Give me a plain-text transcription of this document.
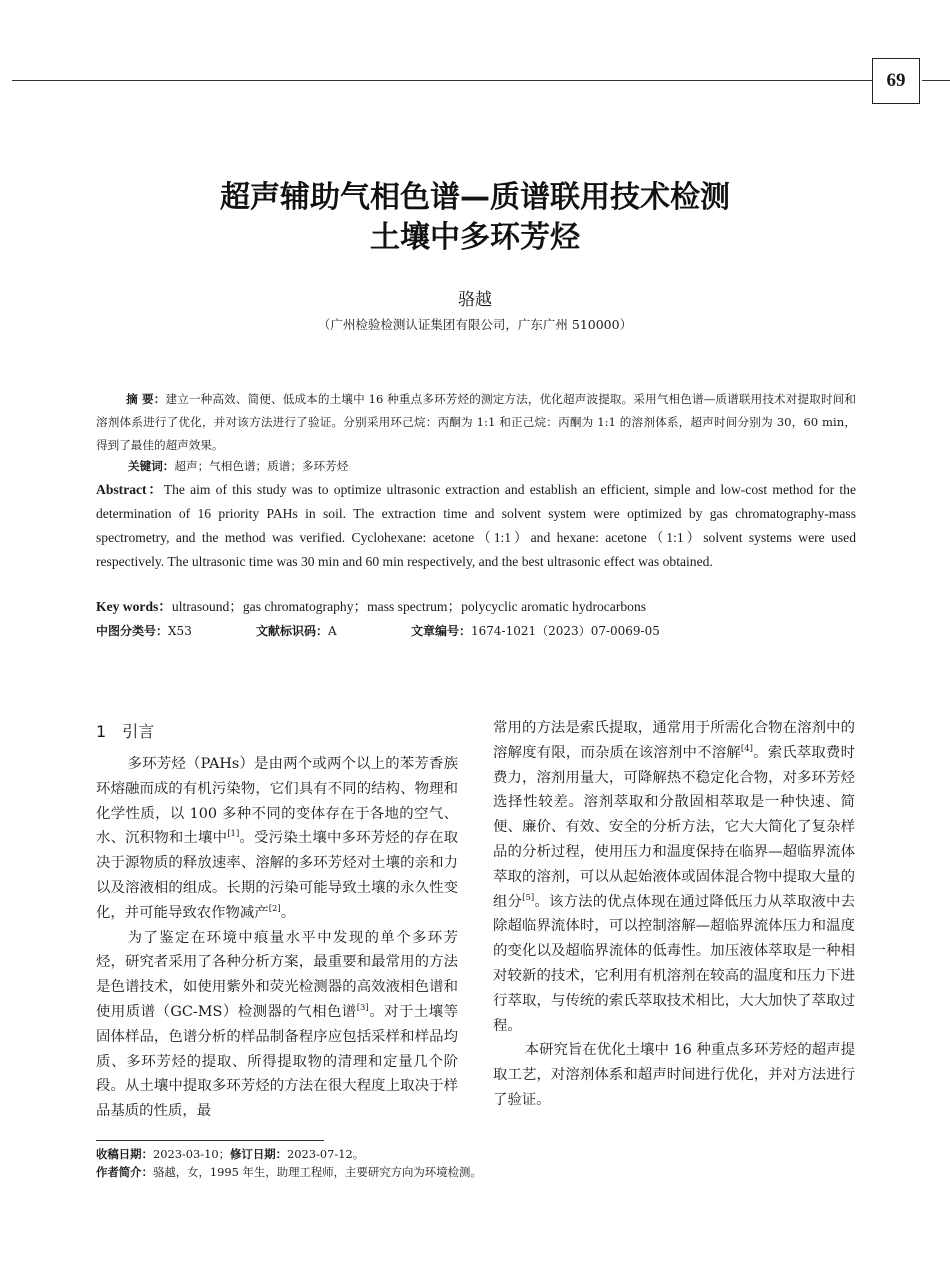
69
超声辅助气相色谱—质谱联用技术检测
土壤中多环芳烃
骆越
（广州检验检测认证集团有限公司，广东广州 510000）
摘 要：建立一种高效、简便、低成本的土壤中 16 种重点多环芳烃的测定方法，优化超声波提取。采用气相色谱—质谱联用技术对提取时间和溶剂体系进行了优化，并对该方法进行了验证。分别采用环己烷：丙酮为 1:1 和正己烷：丙酮为 1:1 的溶剂体系，超声时间分别为 30，60 min，得到了最佳的超声效果。
关键词：超声；气相色谱；质谱；多环芳烃
Abstract：The aim of this study was to optimize ultrasonic extraction and establish an efficient, simple and low-cost method for the determination of 16 priority PAHs in soil. The extraction time and solvent system were optimized by gas chromatography-mass spectrometry, and the method was verified. Cyclohexane: acetone（1:1）and hexane: acetone（1:1）solvent systems were used respectively. The ultrasonic time was 30 min and 60 min respectively, and the best ultrasonic effect was obtained.
Key words：ultrasound；gas chromatography；mass spectrum；polycyclic aromatic hydrocarbons
中图分类号：X53	文献标识码：A	文章编号：1674-1021（2023）07-0069-05
1 引言

多环芳烃（PAHs）是由两个或两个以上的苯芳香族环熔融而成的有机污染物，它们具有不同的结构、物理和化学性质，以 100 多种不同的变体存在于各地的空气、水、沉积物和土壤中[1]。受污染土壤中多环芳烃的存在取决于源物质的释放速率、溶解的多环芳烃对土壤的亲和力以及溶液相的组成。长期的污染可能导致土壤的永久性变化，并可能导致农作物减产[2]。

为了鉴定在环境中痕量水平中发现的单个多环芳烃，研究者采用了各种分析方案，最重要和最常用的方法是色谱技术，如使用紫外和荧光检测器的高效液相色谱和使用质谱（GC-MS）检测器的气相色谱[3]。对于土壤等固体样品，色谱分析的样品制备程序应包括采样和样品均质、多环芳烃的提取、所得提取物的清理和定量几个阶段。从土壤中提取多环芳烃的方法在很大程度上取决于样品基质的性质，最

常用的方法是索氏提取，通常用于所需化合物在溶剂中的溶解度有限，而杂质在该溶剂中不溶解[4]。索氏萃取费时费力，溶剂用量大，可降解热不稳定化合物，对多环芳烃选择性较差。溶剂萃取和分散固相萃取是一种快速、简便、廉价、有效、安全的分析方法，它大大简化了复杂样品的分析过程，使用压力和温度保持在临界—超临界流体萃取的溶剂，可以从起始液体或固体混合物中提取大量的组分[5]。该方法的优点体现在通过降低压力从萃取液中去除超临界流体时，可以控制溶解—超临界流体压力和温度的变化以及超临界流体的低毒性。加压液体萃取是一种相对较新的技术，它利用有机溶剂在较高的温度和压力下进行萃取，与传统的索氏萃取技术相比，大大加快了萃取过程。

本研究旨在优化土壤中 16 种重点多环芳烃的超声提取工艺，对溶剂体系和超声时间进行优化，并对方法进行了验证。

收稿日期：2023-03-10；修订日期：2023-07-12。
作者简介：骆越，女，1995 年生，助理工程师，主要研究方向为环境检测。
